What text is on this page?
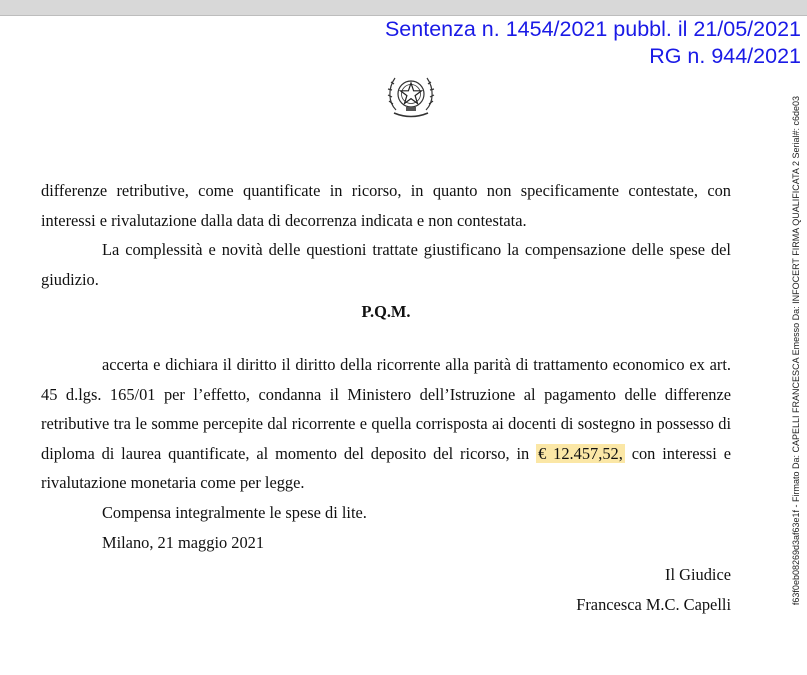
Sentenza n. 1454/2021 pubbl. il 21/05/2021
RG n. 944/2021
f63f0eb08269d3af63e1f - Firmato Da: CAPELLI FRANCESCA Emesso Da: INFOCERT FIRMA QUALIFICATA 2 Serial#: c6de03

differenze retributive, come quantificate in ricorso, in quanto non specificamente contestate, con interessi e rivalutazione dalla data di decorrenza indicata e non contestata.

La complessità e novità delle questioni trattate giustificano la compensazione delle spese del giudizio.

P.Q.M.

accerta e dichiara il diritto il diritto della ricorrente alla parità di trattamento economico ex art. 45 d.lgs. 165/01 per l’effetto, condanna il Ministero dell’Istruzione al pagamento delle differenze retributive tra le somme percepite dal ricorrente e quella corrisposta ai docenti di sostegno in possesso di diploma di laurea quantificate, al momento del deposito del ricorso, in € 12.457,52, con interessi e rivalutazione monetaria come per legge.

Compensa integralmente le spese di lite.

Milano, 21 maggio 2021

Il Giudice

Francesca M.C. Capelli
